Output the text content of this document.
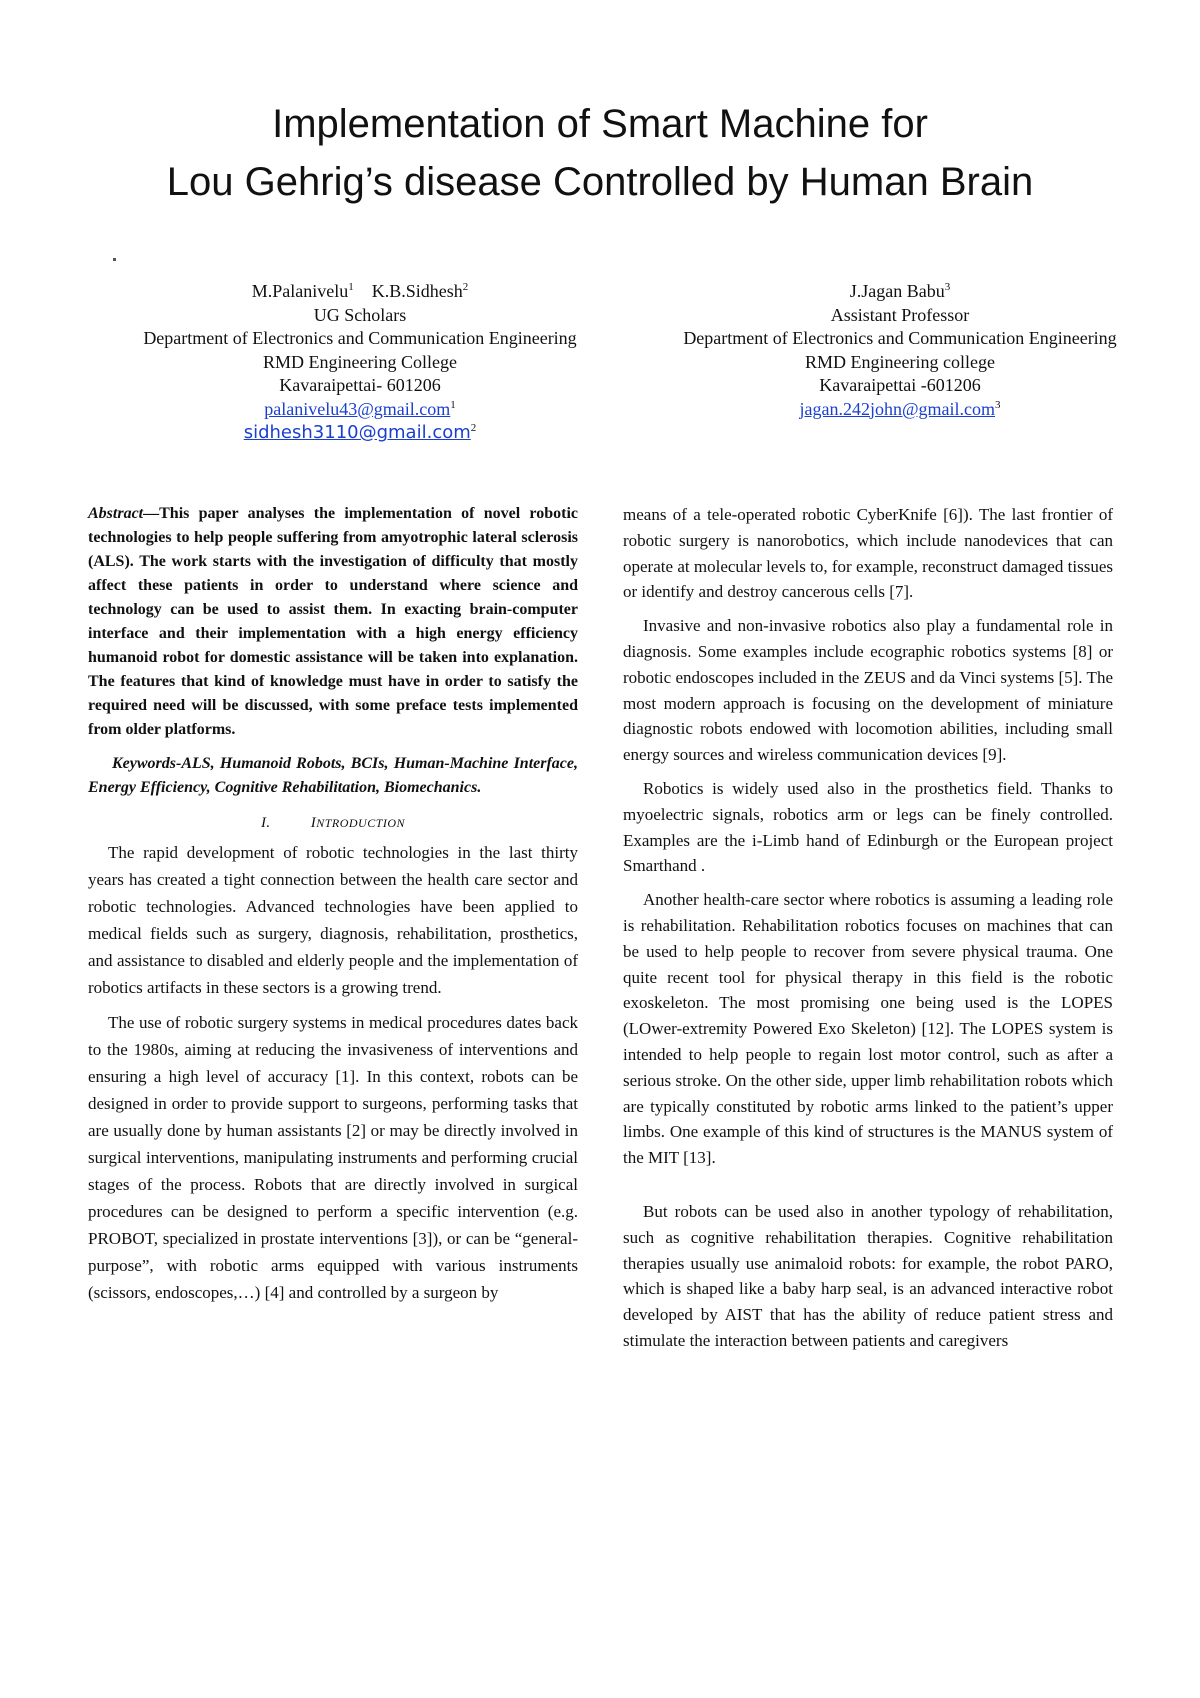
Implementation of Smart Machine for
Lou Gehrig’s disease Controlled by Human Brain
M.Palanivelu$^1$ K.B.Sidhesh$^2$
UG Scholars
Department of Electronics and Communication Engineering
RMD Engineering College
Kavaraipettai- 601206
palanivelu43@gmail.com$^1$
sidhesh3110@gmail.com$^2$
J.Jagan Babu$^3$
Assistant Professor
Department of Electronics and Communication Engineering
RMD Engineering college
Kavaraipettai -601206
jagan.242john@gmail.com$^3$

Abstract—This paper analyses the implementation of novel robotic technologies to help people suffering from amyotrophic lateral sclerosis (ALS). The work starts with the investigation of difficulty that mostly affect these patients in order to understand where science and technology can be used to assist them. In exacting brain-computer interface and their implementation with a high energy efficiency humanoid robot for domestic assistance will be taken into explanation. The features that kind of knowledge must have in order to satisfy the required need will be discussed, with some preface tests implemented from older platforms.

Keywords-ALS, Humanoid Robots, BCIs, Human-Machine Interface, Energy Efficiency, Cognitive Rehabilitation, Biomechanics.

I.	INTRODUCTION

The rapid development of robotic technologies in the last thirty years has created a tight connection between the health care sector and robotic technologies. Advanced technologies have been applied to medical fields such as surgery, diagnosis, rehabilitation, prosthetics, and assistance to disabled and elderly people and the implementation of robotics artifacts in these sectors is a growing trend.

The use of robotic surgery systems in medical procedures dates back to the 1980s, aiming at reducing the invasiveness of interventions and ensuring a high level of accuracy [1]. In this context, robots can be designed in order to provide support to surgeons, performing tasks that are usually done by human assistants [2] or may be directly involved in surgical interventions, manipulating instruments and performing crucial stages of the process. Robots that are directly involved in surgical procedures can be designed to perform a specific intervention (e.g. PROBOT, specialized in prostate interventions [3]), or can be “general-purpose”, with robotic arms equipped with various instruments (scissors, endoscopes,…) [4] and controlled by a surgeon by

means of a tele-operated robotic CyberKnife [6]). The last frontier of robotic surgery is nanorobotics, which include nanodevices that can operate at molecular levels to, for example, reconstruct damaged tissues or identify and destroy cancerous cells [7].

Invasive and non-invasive robotics also play a fundamental role in diagnosis. Some examples include ecographic robotics systems [8] or robotic endoscopes included in the ZEUS and da Vinci systems [5]. The most modern approach is focusing on the development of miniature diagnostic robots endowed with locomotion abilities, including small energy sources and wireless communication devices [9].

Robotics is widely used also in the prosthetics field. Thanks to myoelectric signals, robotics arm or legs can be finely controlled. Examples are the i-Limb hand of Edinburgh or the European project Smarthand .

Another health-care sector where robotics is assuming a leading role is rehabilitation. Rehabilitation robotics focuses on machines that can be used to help people to recover from severe physical trauma. One quite recent tool for physical therapy in this field is the robotic exoskeleton. The most promising one being used is the LOPES (LOwer-extremity Powered Exo Skeleton) [12]. The LOPES system is intended to help people to regain lost motor control, such as after a serious stroke. On the other side, upper limb rehabilitation robots which are typically constituted by robotic arms linked to the patient’s upper limbs. One example of this kind of structures is the MANUS system of the MIT [13].

But robots can be used also in another typology of rehabilitation, such as cognitive rehabilitation therapies. Cognitive rehabilitation therapies usually use animaloid robots: for example, the robot PARO, which is shaped like a baby harp seal, is an advanced interactive robot developed by AIST that has the ability of reduce patient stress and stimulate the interaction between patients and caregivers
